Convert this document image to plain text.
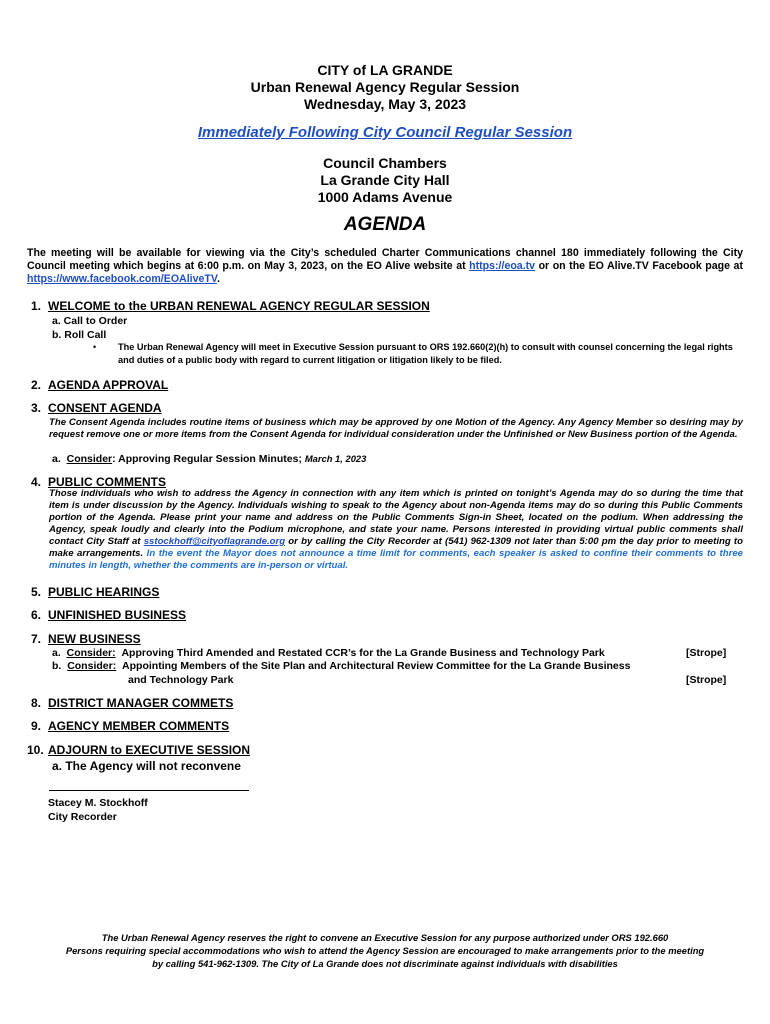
CITY of LA GRANDE
Urban Renewal Agency Regular Session
Wednesday, May 3, 2023
Immediately Following City Council Regular Session
Council Chambers
La Grande City Hall
1000 Adams Avenue
AGENDA
The meeting will be available for viewing via the City’s scheduled Charter Communications channel 180 immediately following the City Council meeting which begins at 6:00 p.m. on May 3, 2023, on the EO Alive website at https://eoa.tv or on the EO Alive.TV Facebook page at https://www.facebook.com/EOAliveTV.
1. WELCOME to the URBAN RENEWAL AGENCY REGULAR SESSION
a. Call to Order
b. Roll Call
• The Urban Renewal Agency will meet in Executive Session pursuant to ORS 192.660(2)(h) to consult with counsel concerning the legal rights and duties of a public body with regard to current litigation or litigation likely to be filed.
2. AGENDA APPROVAL
3. CONSENT AGENDA
The Consent Agenda includes routine items of business which may be approved by one Motion of the Agency. Any Agency Member so desiring may by request remove one or more items from the Consent Agenda for individual consideration under the Unfinished or New Business portion of the Agenda.
a. Consider: Approving Regular Session Minutes; March 1, 2023
4. PUBLIC COMMENTS
Those individuals who wish to address the Agency in connection with any item which is printed on tonight’s Agenda may do so during the time that item is under discussion by the Agency. Individuals wishing to speak to the Agency about non-Agenda items may do so during this Public Comments portion of the Agenda. Please print your name and address on the Public Comments Sign-in Sheet, located on the podium. When addressing the Agency, speak loudly and clearly into the Podium microphone, and state your name. Persons interested in providing virtual public comments shall contact City Staff at sstockhoff@cityoflagrande.org or by calling the City Recorder at (541) 962-1309 not later than 5:00 pm the day prior to meeting to make arrangements. In the event the Mayor does not announce a time limit for comments, each speaker is asked to confine their comments to three minutes in length, whether the comments are in-person or virtual.
5. PUBLIC HEARINGS
6. UNFINISHED BUSINESS
7. NEW BUSINESS
a. Consider: Approving Third Amended and Restated CCR’s for the La Grande Business and Technology Park	[Strope]
b. Consider: Appointing Members of the Site Plan and Architectural Review Committee for the La Grande Business
and Technology Park	[Strope]
8. DISTRICT MANAGER COMMETS
9. AGENCY MEMBER COMMENTS
10. ADJOURN to EXECUTIVE SESSION
a. The Agency will not reconvene
Stacey M. Stockhoff
City Recorder
The Urban Renewal Agency reserves the right to convene an Executive Session for any purpose authorized under ORS 192.660
Persons requiring special accommodations who wish to attend the Agency Session are encouraged to make arrangements prior to the meeting
by calling 541-962-1309. The City of La Grande does not discriminate against individuals with disabilities
